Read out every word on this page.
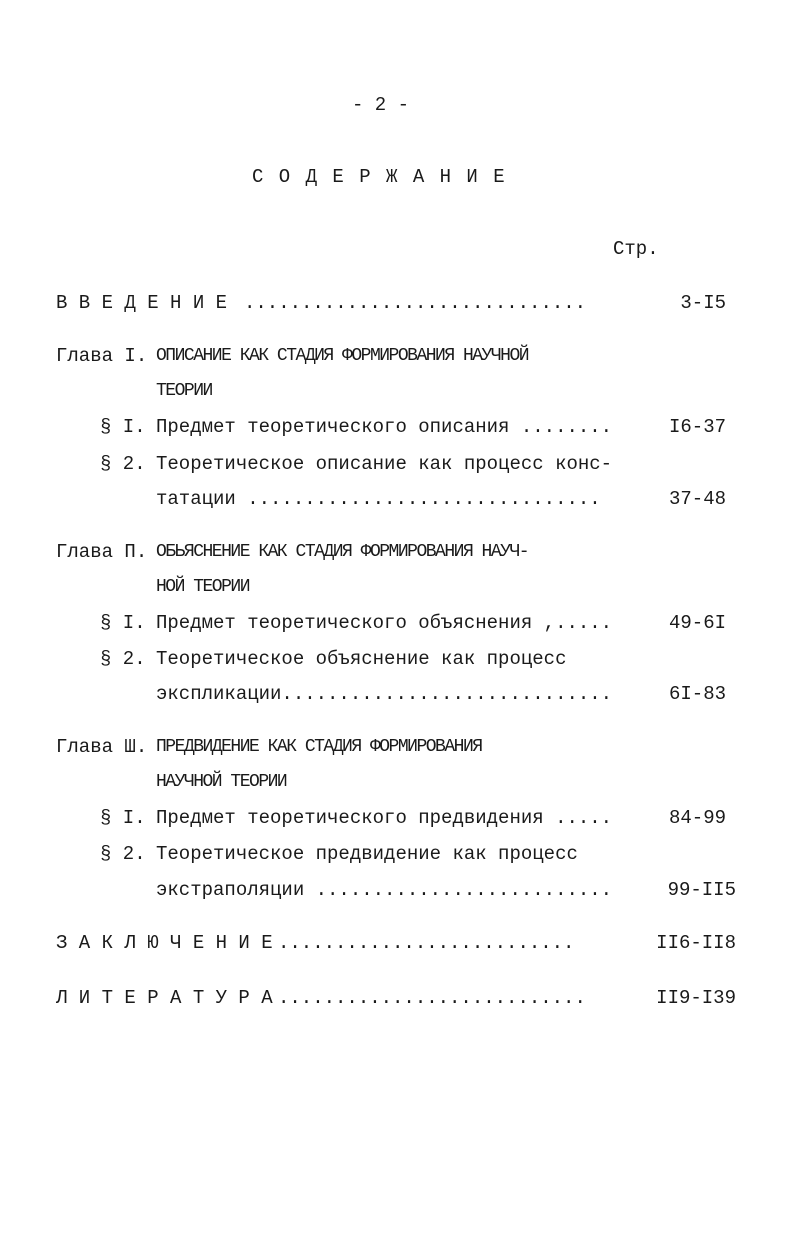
- 2 -
С О Д Е Р Ж А Н И Е
Стр.
В В Е Д Е Н И Е ..............................	3-I5
Глава I. ОПИСАНИЕ КАК СТАДИЯ ФОРМИРОВАНИЯ НАУЧНОЙ
ТЕОРИИ
§ I. Предмет теоретического описания ........	I6-37
§ 2. Теоретическое описание как процесс конс-
татации ...............................	37-48
Глава П. ОБЬЯСНЕНИЕ КАК СТАДИЯ ФОРМИРОВАНИЯ НАУЧ-
НОЙ ТЕОРИИ
§ I. Предмет теоретического объяснения ,.....	49-6I
§ 2. Теоретическое объяснение как процесс
экспликации.............................	6I-83
Глава Ш. ПРЕДВИДЕНИЕ КАК СТАДИЯ ФОРМИРОВАНИЯ
НАУЧНОЙ ТЕОРИИ
§ I. Предмет теоретического предвидения .....	84-99
§ 2. Теоретическое предвидение как процесс
экстраполяции ..........................	99-II5
З А К Л Ю Ч Е Н И Е ..........................	II6-II8
Л И Т Е Р А Т У Р А ...........................	II9-I39
